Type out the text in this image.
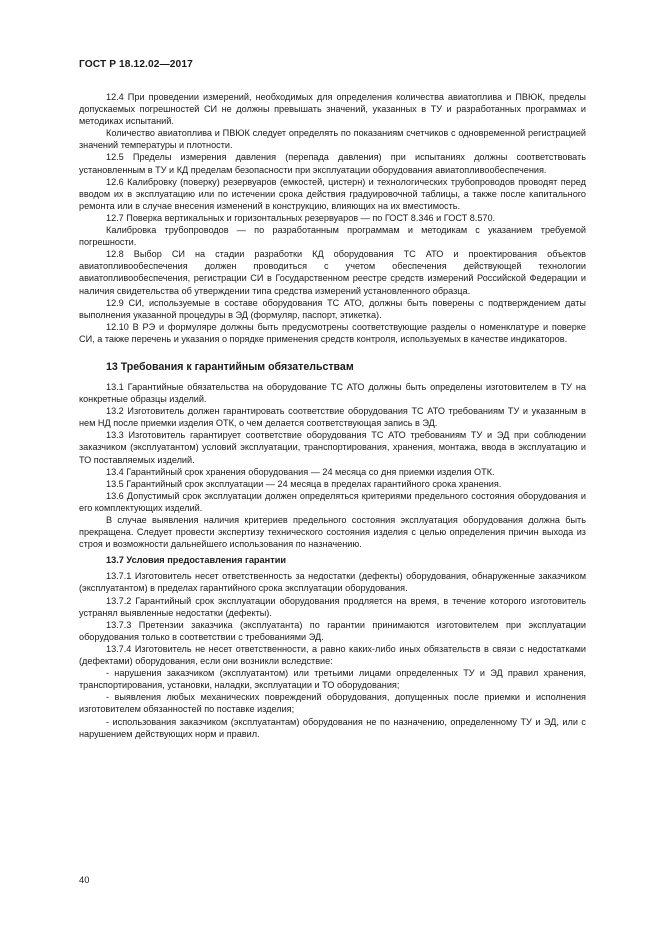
ГОСТ Р 18.12.02—2017

12.4 При проведении измерений, необходимых для определения количества авиатоплива и ПВЮК, пределы допускаемых погрешностей СИ не должны превышать значений, указанных в ТУ и разработанных программах и методиках испытаний.

Количество авиатоплива и ПВЮК следует определять по показаниям счетчиков с одновременной регистрацией значений температуры и плотности.

12.5 Пределы измерения давления (перепада давления) при испытаниях должны соответствовать установленным в ТУ и КД пределам безопасности при эксплуатации оборудования авиатопливообеспечения.

12.6 Калибровку (поверку) резервуаров (емкостей, цистерн) и технологических трубопроводов проводят перед вводом их в эксплуатацию или по истечении срока действия градуировочной таблицы, а также после капитального ремонта или в случае внесения изменений в конструкцию, влияющих на их вместимость.

12.7 Поверка вертикальных и горизонтальных резервуаров — по ГОСТ 8.346 и ГОСТ 8.570.

Калибровка трубопроводов — по разработанным программам и методикам с указанием требуемой погрешности.

12.8 Выбор СИ на стадии разработки КД оборудования ТС АТО и проектирования объектов авиатопливообеспечения должен проводиться с учетом обеспечения действующей технологии авиатопливообеспечения, регистрации СИ в Государственном реестре средств измерений Российской Федерации и наличия свидетельства об утверждении типа средства измерений установленного образца.

12.9 СИ, используемые в составе оборудования ТС АТО, должны быть поверены с подтверждением даты выполнения указанной процедуры в ЭД (формуляр, паспорт, этикетка).

12.10 В РЭ и формуляре должны быть предусмотрены соответствующие разделы о номенклатуре и поверке СИ, а также перечень и указания о порядке применения средств контроля, используемых в качестве индикаторов.

13 Требования к гарантийным обязательствам

13.1 Гарантийные обязательства на оборудование ТС АТО должны быть определены изготовителем в ТУ на конкретные образцы изделий.

13.2 Изготовитель должен гарантировать соответствие оборудования ТС АТО требованиям ТУ и указанным в нем НД после приемки изделия ОТК, о чем делается соответствующая запись в ЭД.

13.3 Изготовитель гарантирует соответствие оборудования ТС АТО требованиям ТУ и ЭД при соблюдении заказчиком (эксплуатантом) условий эксплуатации, транспортирования, хранения, монтажа, ввода в эксплуатацию и ТО поставляемых изделий.

13.4 Гарантийный срок хранения оборудования — 24 месяца со дня приемки изделия ОТК.

13.5 Гарантийный срок эксплуатации — 24 месяца в пределах гарантийного срока хранения.

13.6 Допустимый срок эксплуатации должен определяться критериями предельного состояния оборудования и его комплектующих изделий.

В случае выявления наличия критериев предельного состояния эксплуатация оборудования должна быть прекращена. Следует провести экспертизу технического состояния изделия с целью определения причин выхода из строя и возможности дальнейшего использования по назначению.

13.7 Условия предоставления гарантии

13.7.1 Изготовитель несет ответственность за недостатки (дефекты) оборудования, обнаруженные заказчиком (эксплуатантом) в пределах гарантийного срока эксплуатации оборудования.

13.7.2 Гарантийный срок эксплуатации оборудования продляется на время, в течение которого изготовитель устранял выявленные недостатки (дефекты).

13.7.3 Претензии заказчика (эксплуатанта) по гарантии принимаются изготовителем при эксплуатации оборудования только в соответствии с требованиями ЭД.

13.7.4 Изготовитель не несет ответственности, а равно каких-либо иных обязательств в связи с недостатками (дефектами) оборудования, если они возникли вследствие:

- нарушения заказчиком (эксплуатантом) или третьими лицами определенных ТУ и ЭД правил хранения, транспортирования, установки, наладки, эксплуатации и ТО оборудования;

- выявления любых механических повреждений оборудования, допущенных после приемки и исполнения изготовителем обязанностей по поставке изделия;

- использования заказчиком (эксплуатантам) оборудования не по назначению, определенному ТУ и ЭД, или с нарушением действующих норм и правил.

40
